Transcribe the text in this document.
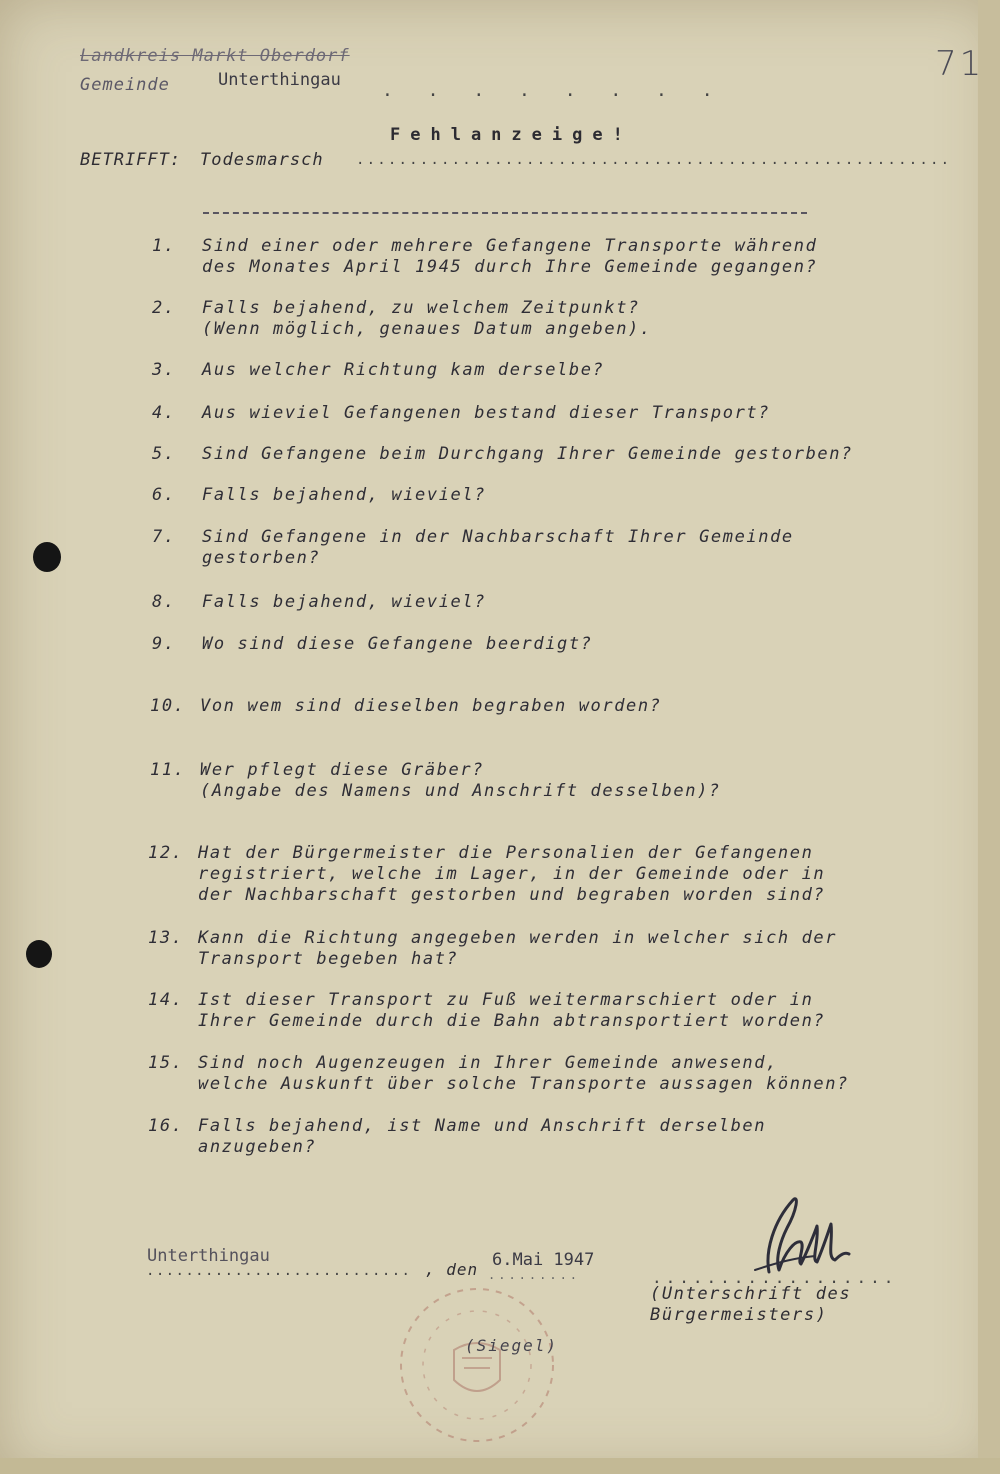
Landkreis Markt Oberdorf
Gemeinde	Unterthingau . . . . . . . .
71
Fehlanzeige!
BETRIFFT: Todesmarsch ........................................................
1.	Sind einer oder mehrere Gefangene Transporte während
des Monates April 1945 durch Ihre Gemeinde gegangen?
2.	Falls bejahend, zu welchem Zeitpunkt?
(Wenn möglich, genaues Datum angeben).
3.	Aus welcher Richtung kam derselbe?
4.	Aus wieviel Gefangenen bestand dieser Transport?
5.	Sind Gefangene beim Durchgang Ihrer Gemeinde gestorben?
6.	Falls bejahend, wieviel?
7.	Sind Gefangene in der Nachbarschaft Ihrer Gemeinde
gestorben?
8.	Falls bejahend, wieviel?
9.	Wo sind diese Gefangene beerdigt?
10. Von wem sind dieselben begraben worden?
11. Wer pflegt diese Gräber?
(Angabe des Namens und Anschrift desselben)?
12. Hat der Bürgermeister die Personalien der Gefangenen
registriert, welche im Lager, in der Gemeinde oder in
der Nachbarschaft gestorben und begraben worden sind?
13. Kann die Richtung angegeben werden in welcher sich der
Transport begeben hat?
14. Ist dieser Transport zu Fuß weitermarschiert oder in
Ihrer Gemeinde durch die Bahn abtransportiert worden?
15. Sind noch Augenzeugen in Ihrer Gemeinde anwesend,
welche Auskunft über solche Transporte aussagen können?
16. Falls bejahend, ist Name und Anschrift derselben
anzugeben?
Unterthingau
........................... , den 6.Mai 1947
.........
(Siegel)
..................
(Unterschrift des
Bürgermeisters)
